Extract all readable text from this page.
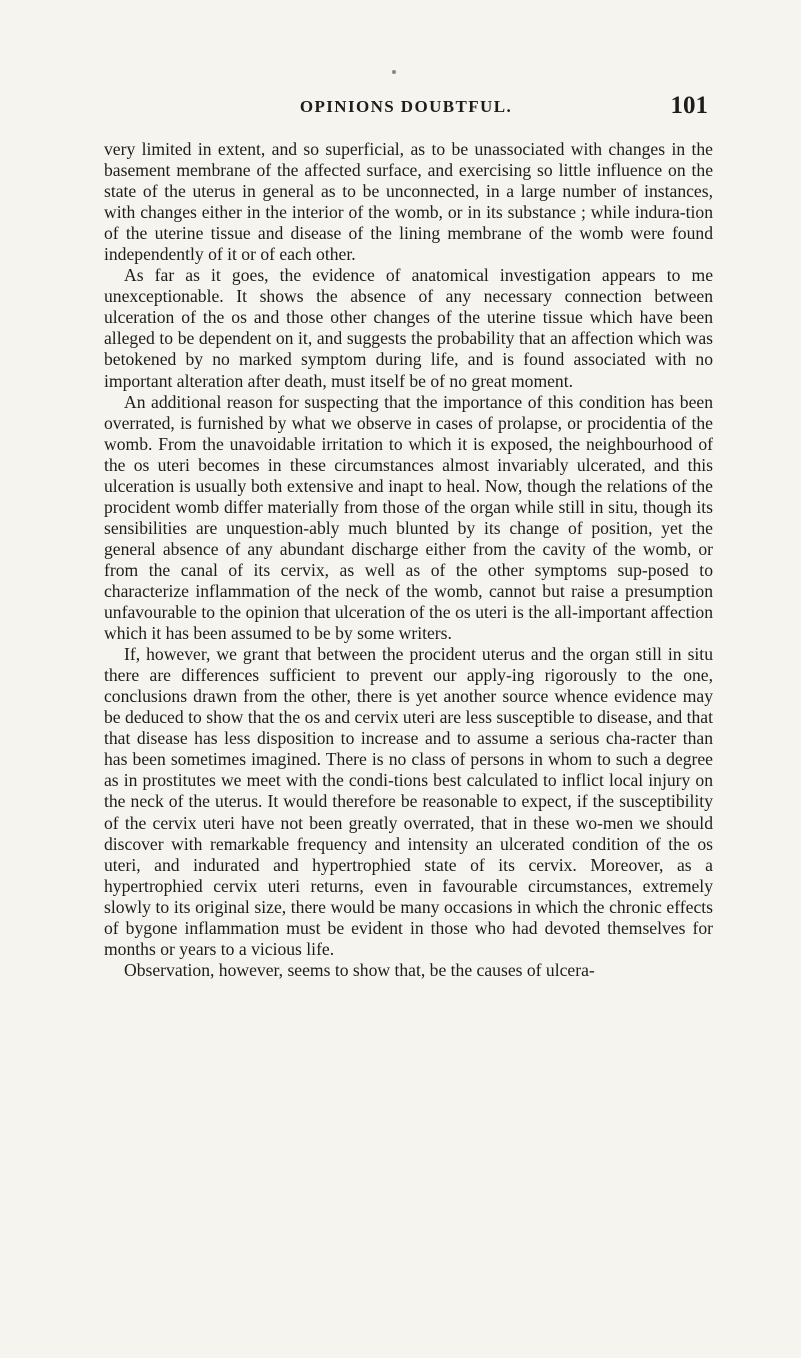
OPINIONS DOUBTFUL.	101

very limited in extent, and so superficial, as to be unassociated with changes in the basement membrane of the affected surface, and exercising so little influence on the state of the uterus in general as to be unconnected, in a large number of instances, with changes either in the interior of the womb, or in its substance ; while indura-tion of the uterine tissue and disease of the lining membrane of the womb were found independently of it or of each other.

As far as it goes, the evidence of anatomical investigation appears to me unexceptionable. It shows the absence of any necessary connection between ulceration of the os and those other changes of the uterine tissue which have been alleged to be dependent on it, and suggests the probability that an affection which was betokened by no marked symptom during life, and is found associated with no important alteration after death, must itself be of no great moment.

An additional reason for suspecting that the importance of this condition has been overrated, is furnished by what we observe in cases of prolapse, or procidentia of the womb. From the unavoidable irritation to which it is exposed, the neighbourhood of the os uteri becomes in these circumstances almost invariably ulcerated, and this ulceration is usually both extensive and inapt to heal. Now, though the relations of the procident womb differ materially from those of the organ while still in situ, though its sensibilities are unquestion-ably much blunted by its change of position, yet the general absence of any abundant discharge either from the cavity of the womb, or from the canal of its cervix, as well as of the other symptoms sup-posed to characterize inflammation of the neck of the womb, cannot but raise a presumption unfavourable to the opinion that ulceration of the os uteri is the all-important affection which it has been assumed to be by some writers.

If, however, we grant that between the procident uterus and the organ still in situ there are differences sufficient to prevent our apply-ing rigorously to the one, conclusions drawn from the other, there is yet another source whence evidence may be deduced to show that the os and cervix uteri are less susceptible to disease, and that that disease has less disposition to increase and to assume a serious cha-racter than has been sometimes imagined. There is no class of persons in whom to such a degree as in prostitutes we meet with the condi-tions best calculated to inflict local injury on the neck of the uterus. It would therefore be reasonable to expect, if the susceptibility of the cervix uteri have not been greatly overrated, that in these wo-men we should discover with remarkable frequency and intensity an ulcerated condition of the os uteri, and indurated and hypertrophied state of its cervix. Moreover, as a hypertrophied cervix uteri returns, even in favourable circumstances, extremely slowly to its original size, there would be many occasions in which the chronic effects of bygone inflammation must be evident in those who had devoted themselves for months or years to a vicious life.

Observation, however, seems to show that, be the causes of ulcera-
